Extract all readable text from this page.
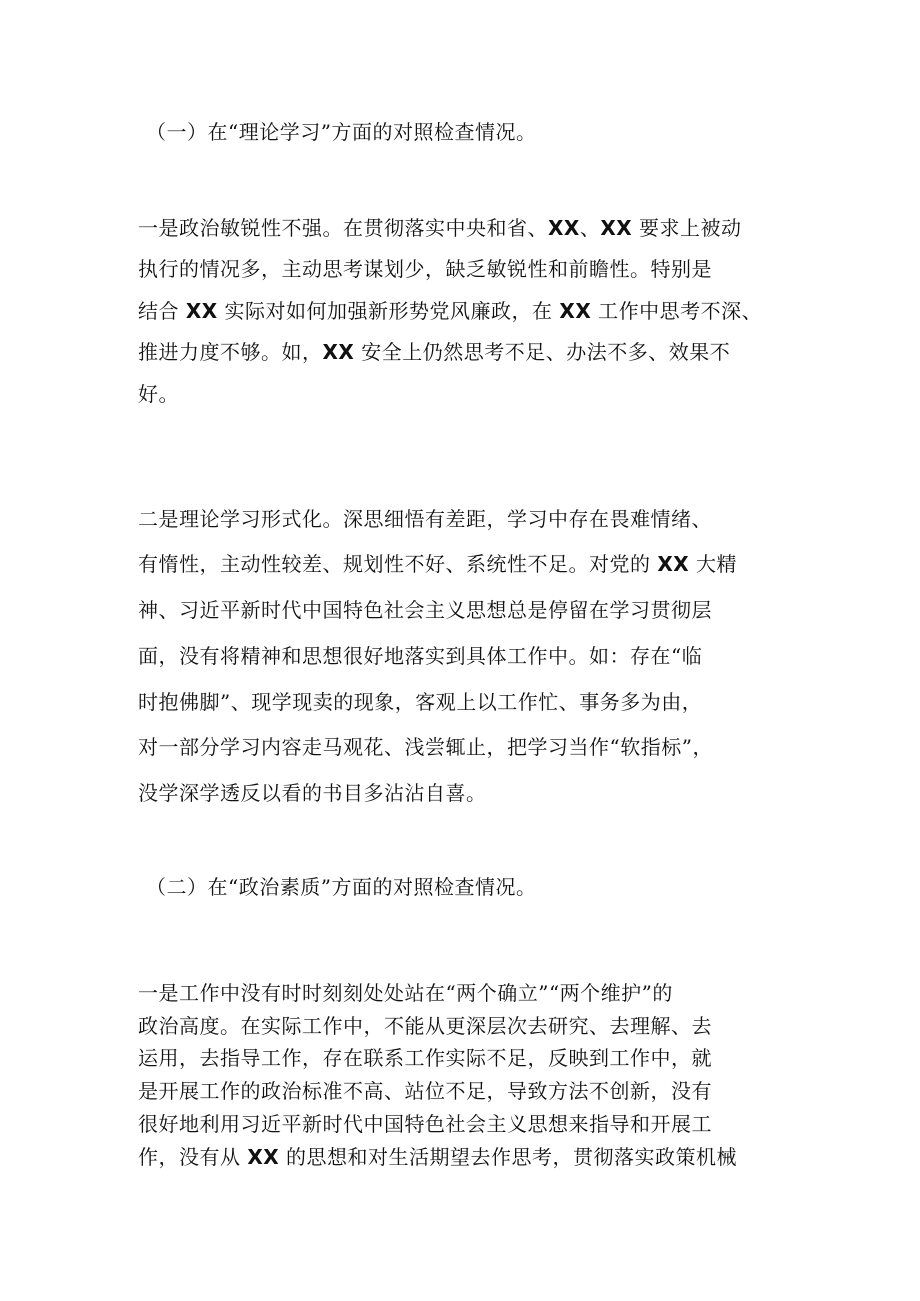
（一）在“理论学习”方面的对照检查情况。
一是政治敏锐性不强。在贯彻落实中央和省、XX、XX 要求上被动
执行的情况多，主动思考谋划少，缺乏敏锐性和前瞻性。特别是
结合 XX 实际对如何加强新形势党风廉政，在 XX 工作中思考不深、
推进力度不够。如，XX 安全上仍然思考不足、办法不多、效果不
好。
二是理论学习形式化。深思细悟有差距，学习中存在畏难情绪、
有惰性，主动性较差、规划性不好、系统性不足。对党的 XX 大精
神、习近平新时代中国特色社会主义思想总是停留在学习贯彻层
面，没有将精神和思想很好地落实到具体工作中。如：存在“临
时抱佛脚”、现学现卖的现象，客观上以工作忙、事务多为由，
对一部分学习内容走马观花、浅尝辄止，把学习当作“软指标”，
没学深学透反以看的书目多沾沾自喜。
（二）在“政治素质”方面的对照检查情况。
一是工作中没有时时刻刻处处站在“两个确立”“两个维护”的
政治高度。在实际工作中，不能从更深层次去研究、去理解、去
运用，去指导工作，存在联系工作实际不足，反映到工作中，就
是开展工作的政治标准不高、站位不足，导致方法不创新，没有
很好地利用习近平新时代中国特色社会主义思想来指导和开展工
作，没有从 XX 的思想和对生活期望去作思考，贯彻落实政策机械
